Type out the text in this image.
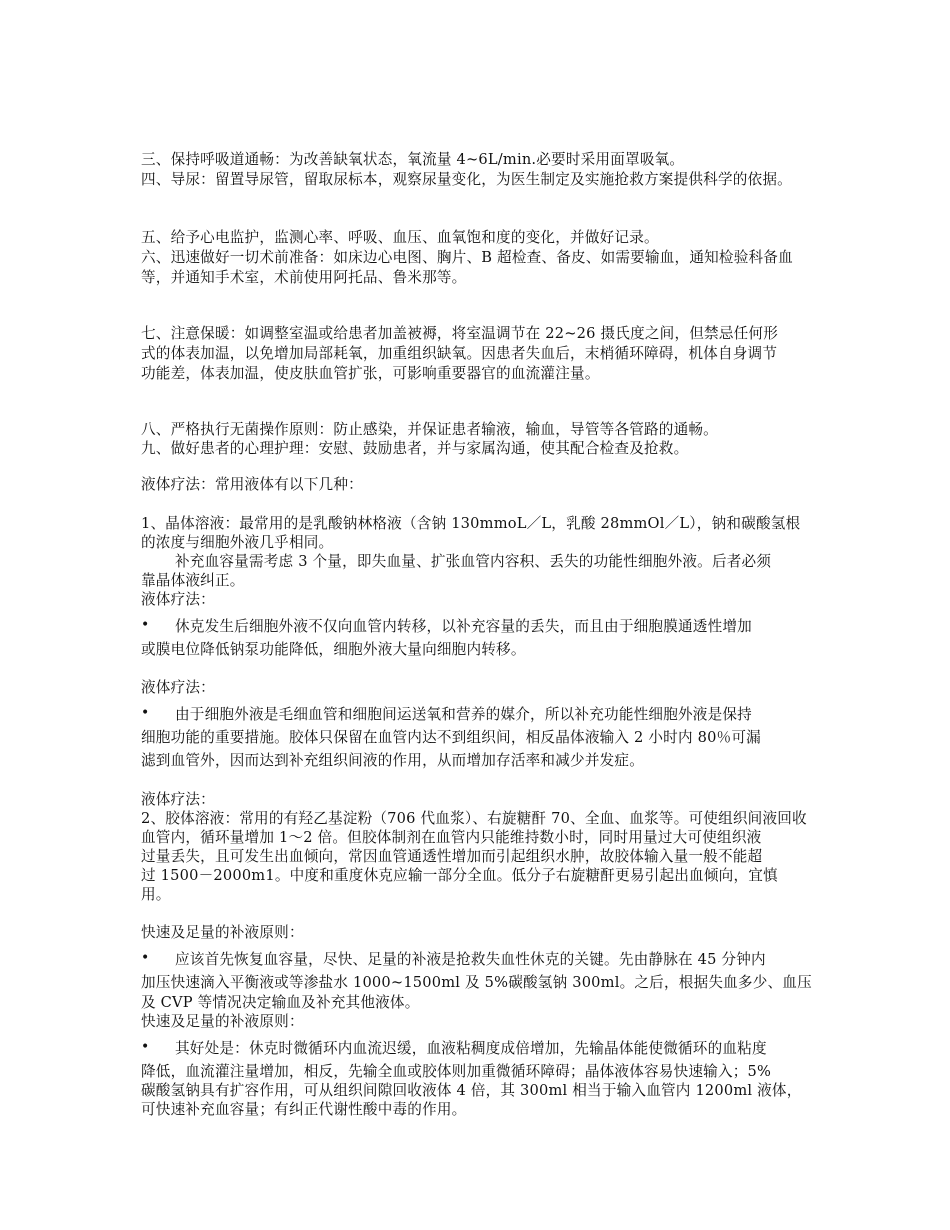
三、保持呼吸道通畅：为改善缺氧状态，氧流量 4~6L/min.必要时采用面罩吸氧。
四、导尿：留置导尿管，留取尿标本，观察尿量变化，为医生制定及实施抢救方案提供科学的依据。
五、给予心电监护，监测心率、呼吸、血压、血氧饱和度的变化，并做好记录。
六、迅速做好一切术前准备：如床边心电图、胸片、B 超检查、备皮、如需要输血，通知检验科备血
等，并通知手术室，术前使用阿托品、鲁米那等。
七、注意保暖：如调整室温或给患者加盖被褥，将室温调节在 22~26 摄氏度之间，但禁忌任何形
式的体表加温，以免增加局部耗氧，加重组织缺氧。因患者失血后，末梢循环障碍，机体自身调节
功能差，体表加温，使皮肤血管扩张，可影响重要器官的血流灌注量。
八、严格执行无菌操作原则：防止感染，并保证患者输液，输血，导管等各管路的通畅。
九、做好患者的心理护理：安慰、鼓励患者，并与家属沟通，使其配合检查及抢救。
液体疗法：常用液体有以下几种：
1、晶体溶液：最常用的是乳酸钠林格液（含钠 130mmoL／L，乳酸 28mmOl／L），钠和碳酸氢根
的浓度与细胞外液几乎相同。
补充血容量需考虑 3 个量，即失血量、扩张血管内容积、丢失的功能性细胞外液。后者必须
靠晶体液纠正。
液体疗法：
• 休克发生后细胞外液不仅向血管内转移，以补充容量的丢失，而且由于细胞膜通透性增加
或膜电位降低钠泵功能降低，细胞外液大量向细胞内转移。
液体疗法：
• 由于细胞外液是毛细血管和细胞间运送氧和营养的媒介，所以补充功能性细胞外液是保持
细胞功能的重要措施。胶体只保留在血管内达不到组织间，相反晶体液输入 2 小时内 80％可漏
滤到血管外，因而达到补充组织间液的作用，从而增加存活率和减少并发症。
液体疗法：
2、胶体溶液：常用的有羟乙基淀粉（706 代血浆）、右旋糖酐 70、全血、血浆等。可使组织间液回收
血管内，循环量增加 1～2 倍。但胶体制剂在血管内只能维持数小时，同时用量过大可使组织液
过量丢失，且可发生出血倾向，常因血管通透性增加而引起组织水肿，故胶体输入量一般不能超
过 1500－2000m1。中度和重度休克应输一部分全血。低分子右旋糖酐更易引起出血倾向，宜慎
用。
快速及足量的补液原则：
• 应该首先恢复血容量，尽快、足量的补液是抢救失血性休克的关键。先由静脉在 45 分钟内
加压快速滴入平衡液或等渗盐水 1000~1500ml 及 5%碳酸氢钠 300ml。之后，根据失血多少、血压
及 CVP 等情况决定输血及补充其他液体。
快速及足量的补液原则：
• 其好处是：休克时微循环内血流迟缓，血液粘稠度成倍增加，先输晶体能使微循环的血粘度
降低，血流灌注量增加，相反，先输全血或胶体则加重微循环障碍；晶体液体容易快速输入；5%
碳酸氢钠具有扩容作用，可从组织间隙回收液体 4 倍，其 300ml 相当于输入血管内 1200ml 液体，
可快速补充血容量；有纠正代谢性酸中毒的作用。
